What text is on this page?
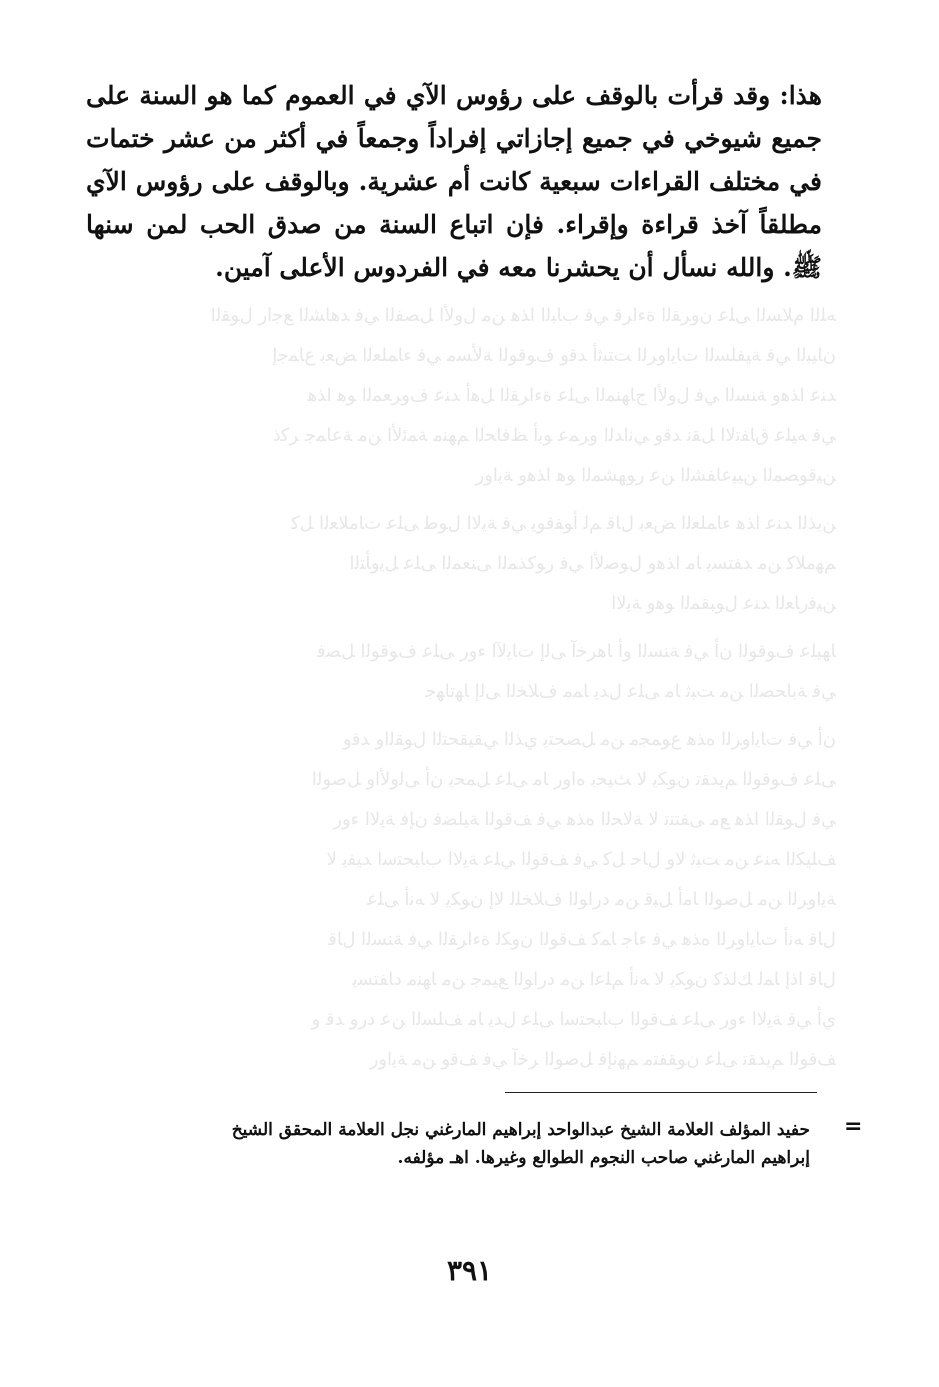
هذا: وقد قرأت بالوقف على رؤوس الآي في العموم كما هو السنة على جميع شيوخي في جميع إجازاتي إفراداً وجمعاً في أكثر من عشر ختمات في مختلف القراءات سبعية كانت أم عشرية. وبالوقف على رؤوس الآي مطلقاً آخذ قراءة وإقراء. فإن اتباع السنة من صدق الحب لمن سنها ﷺ. والله نسأل أن يحشرنا معه في الفردوس الأعلى آمين.

ﻪﻠﻟﺍ ﻡﻼﺴﻟﺍ ﻰﻠﻋ ﻥﻭﺮﻘﻟﺍ ﺓﺀﺍﺮﻗ ﻲﻓ ﺏﺎﺒﻟﺍ ﺍﺬﻫ ﻦﻣ ﻝﻭﻷﺍ ﻞﺼﻔﻟﺍ ﻲﻓ ﺪﻫﺎﺸﻟﺍ ﻊﺟﺍﺭ ﻝﻮﻘﻟﺍ
ﻥﺎﻴﺒﻟﺍ ﻲﻓ ﺔﻴﻔﻠﺴﻟﺍ ﺕﺎﻳﺍﻭﺮﻟﺍ ﺖﺘﺒﺛﺃ ﺪﻗﻭ ﻑﻮﻗﻮﻟﺍ ﺔﻟﺄﺴﻣ ﻲﻓ ﺀﺎﻤﻠﻌﻟﺍ ﺾﻌﺑ ﻉﺎﻤﺟﺇ
ﺪﻨﻋ ﺍﺬﻫﻭ ﺔﻨﺴﻟﺍ ﻲﻓ ﻝﻭﻷﺍ ﺝﺎﻬﻨﻤﻟﺍ ﻰﻠﻋ ﺓﺀﺍﺮﻘﻟﺍ ﻞﻫﺃ ﺪﻨﻋ ﻑﻭﺮﻌﻤﻟﺍ ﻮﻫ ﺍﺬﻫ
ﻲﻓ ﻪﻴﻠﻋ ﻕﺎﻔﺗﻻﺍ ﻞﻘﻧ ﺪﻗﻭ ﻲﻧﺍﺪﻟﺍ ﻭﺮﻤﻋ ﻮﺑﺃ ﻆﻓﺎﺤﻟﺍ ﻢﻬﻨﻣ ﺔﻤﺋﻷﺍ ﻦﻣ ﺔﻋﺎﻤﺟ ﺮﻛﺫ
ﻦﻴﻗﻮﺼﻤﻟﺍ ﻦﻴﻴﻋﺎﻔﺸﻟﺍ ﻦﻋ ﺭﻮﻬﺸﻤﻟﺍ ﻮﻫ ﺍﺬﻫﻭ ﺔﻳﺍﻭﺭ
ﻦﻳﺬﻟﺍ ﺪﻨﻋ ﺍﺬﻫ ﺀﺎﻤﻠﻌﻟﺍ ﺾﻌﺑ ﻝﺎﻗ ﻢﻟ ﺃﻮﻔﻗﻮﻳ ﻲﻓ ﺔﻳﻻﺍ ﻝﻮﻃ ﻰﻠﻋ ﺕﺎﻣﻼﻌﻟﺍ ﻞﻛ
ﻢﻬﻣﻼﻛ ﻦﻣ ﺪﻔﺘﺴﻳ ﺎﻣ ﺍﺬﻫﻭ ﻝﻮﺻﻷﺍ ﻲﻓ ﺭﻮﻛﺬﻤﻟﺍ ﻰﻨﻌﻤﻟﺍ ﻰﻠﻋ ﻞﻳﻭﺄﺘﻟﺍ
ﻦﻴﻓﺭﺎﻌﻟﺍ ﺪﻨﻋ ﻝﻮﺒﻘﻤﻟﺍ ﻮﻫﻭ ﺔﻳﻻﺍ
ﺎﻬﻴﻠﻋ ﻑﻮﻗﻮﻟﺍ ﻥﺃ ﻲﻓ ﺔﻨﺴﻟﺍ ﻭﺃ ﺎﻫﺮﺧﺁ ﻰﻟﺇ ﺕﺎﻳﻵﺍ ﺀﻭﺭ ﻰﻠﻋ ﻑﻮﻗﻮﻟﺍ ﻞﺼﻓ
ﻲﻓ ﺔﺑﺎﺤﺼﻟﺍ ﻦﻣ ﺖﺒﺛ ﺎﻣ ﻰﻠﻋ ﻝﺪﻳ ﺎﻤﻣ ﻑﻼﺨﻟﺍ ﻰﻟﺇ ﺎﻬﺗﺎﻬﺟ
ﻥﺃ ﻲﻓ ﺕﺎﻳﺍﻭﺮﻟﺍ ﻩﺬﻫ ﻉﻮﻤﺠﻣ ﻦﻣ ﻞﺼﺤﺘﻳ ﻱﺬﻟﺍ ﻲﻘﻴﻘﺤﺘﻟﺍ ﻝﻮﻘﻟﺍﻭ ﺪﻗﻭ
ﻰﻠﻋ ﻑﻮﻗﻮﻟﺍ ﻢﻳﺪﻘﺗ ﻥﻮﻜﻳ ﻻ ﺚﻴﺤﺑ ﻩﺍﻭﺭ ﺎﻣ ﻰﻠﻋ ﻞﻤﺤﻳ ﻥﺃ ﻰﻟﻭﻷﺍﻭ ﻞﺻﻮﻟﺍ
ﻲﻓ ﻝﻮﻘﻟﺍ ﺍﺬﻫ ﻊﻣ ﻰﻔﺘﻨﺗ ﻻ ﺔﻟﺎﺤﻟﺍ ﻩﺬﻫ ﻲﻓ ﻒﻗﻮﻟﺍ ﺔﻴﻠﻀﻓ ﻥﺈﻓ ﺔﻳﻻﺍ ﺀﻭﺭ
ﻒﻠﻴﻜﻟﺍ ﻪﻨﻋ ﻦﻣ ﺖﺒﺛ ﻻﻭ ﻝﺎﺣ ﻞﻛ ﻲﻓ ﻒﻗﻮﻟﺍ ﻲﻠﻋ ﺔﻳﻻﺍ ﺏﺎﺒﺤﺘﺳﺍ ﺪﻴﻔﻳ ﻻ
ﺔﻳﺍﻭﺮﻟﺍ ﻦﻣ ﻞﺻﻮﻟﺍ ﺎﻣﺃ ﻞﺒﻗ ﻦﻣ ﺩﺭﺍﻮﻟﺍ ﻑﻼﺨﻠﻟ ﻻﺇ ﻥﻮﻜﻳ ﻻ ﻪﻧﺃ ﻰﻠﻋ
ﻝﺎﻗ ﻪﻧﺃ ﺕﺎﻳﺍﻭﺮﻟﺍ ﻩﺬﻫ ﻲﻓ ﺀﺎﺟ ﺎﻤﻛ ﻒﻗﻮﻟﺍ ﻥﻭﻜﻟ ﺓﺀﺍﺮﻘﻟﺍ ﻲﻓ ﺔﻨﺴﻟﺍ ﻝﺎﻗ
ﻝﺎﻗ ﺍﺫﺇ ﺎﻤﻟ ﻚﻟﺬﻛ ﻥﻮﻜﻳ ﻻ ﻪﻧﺃ ﻢﻠﻋﺍ ﻦﻣ ﺩﺭﺍﻮﻟﺍ ﻊﻴﻤﺟ ﻦﻣ ﺎﻬﻨﻣ ﺩﺎﻔﺘﺴﻳ
ﻱﺃ ﻲﻓ ﺔﻳﻻﺍ ﺀﻭﺭ ﻰﻠﻋ ﻒﻗﻮﻟﺍ ﺏﺎﺒﺤﺘﺳﺍ ﻰﻠﻋ ﻝﺪﻳ ﺎﻣ ﻒﻠﺴﻟﺍ ﻦﻋ ﺩﺭﻭ ﺪﻗ ﻭ
ﻒﻗﻮﻟﺍ ﻢﻳﺪﻘﺗ ﻰﻠﻋ ﻥﻮﻘﻔﺘﻣ ﻢﻬﻧﺈﻓ ﻞﺻﻮﻟﺍ ﺮﺧﺁ ﻲﻓ ﻒﻗﻭ ﻦﻣ ﺔﻳﺍﻭﺭ
=

حفيد المؤلف العلامة الشيخ عبدالواحد إبراهيم المارغني نجل العلامة المحقق الشيخ إبراهيم المارغني صاحب النجوم الطوالع وغيرها. اهـ مؤلفه.

٣٩١
